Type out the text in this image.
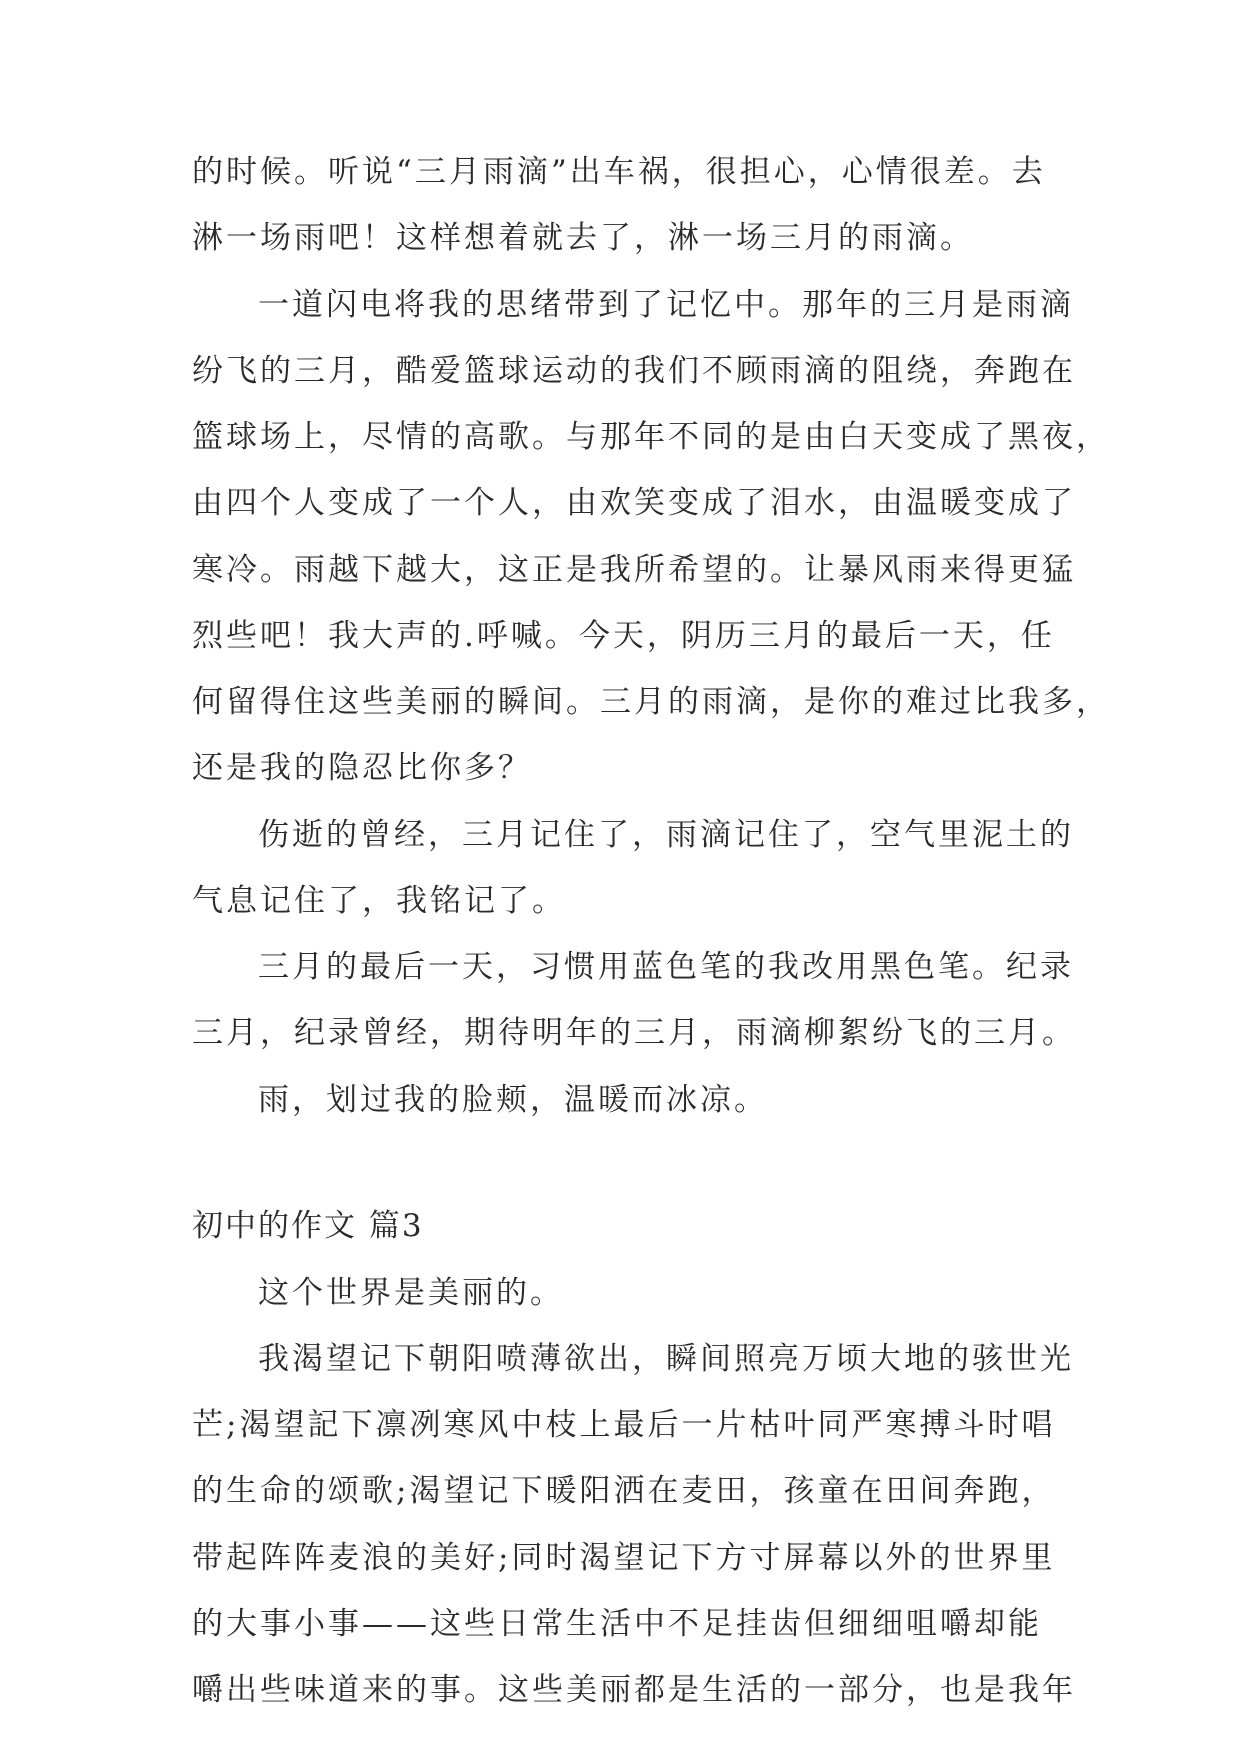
的时候。听说“三月雨滴”出车祸，很担心，心情很差。去
淋一场雨吧！这样想着就去了，淋一场三月的雨滴。
一道闪电将我的思绪带到了记忆中。那年的三月是雨滴
纷飞的三月，酷爱篮球运动的我们不顾雨滴的阻绕，奔跑在
篮球场上，尽情的高歌。与那年不同的是由白天变成了黑夜，
由四个人变成了一个人，由欢笑变成了泪水，由温暖变成了
寒冷。雨越下越大，这正是我所希望的。让暴风雨来得更猛
烈些吧！我大声的.呼喊。今天，阴历三月的最后一天，任
何留得住这些美丽的瞬间。三月的雨滴，是你的难过比我多，
还是我的隐忍比你多？
伤逝的曾经，三月记住了，雨滴记住了，空气里泥土的
气息记住了，我铭记了。
三月的最后一天，习惯用蓝色笔的我改用黑色笔。纪录
三月，纪录曾经，期待明年的三月，雨滴柳絮纷飞的三月。
雨，划过我的脸颊，温暖而冰凉。
初中的作文 篇3
这个世界是美丽的。
我渴望记下朝阳喷薄欲出，瞬间照亮万顷大地的骇世光
芒;渴望記下凛冽寒风中枝上最后一片枯叶同严寒搏斗时唱
的生命的颂歌;渴望记下暖阳洒在麦田，孩童在田间奔跑，
带起阵阵麦浪的美好;同时渴望记下方寸屏幕以外的世界里
的大事小事——这些日常生活中不足挂齿但细细咀嚼却能
嚼出些味道来的事。这些美丽都是生活的一部分，也是我年
